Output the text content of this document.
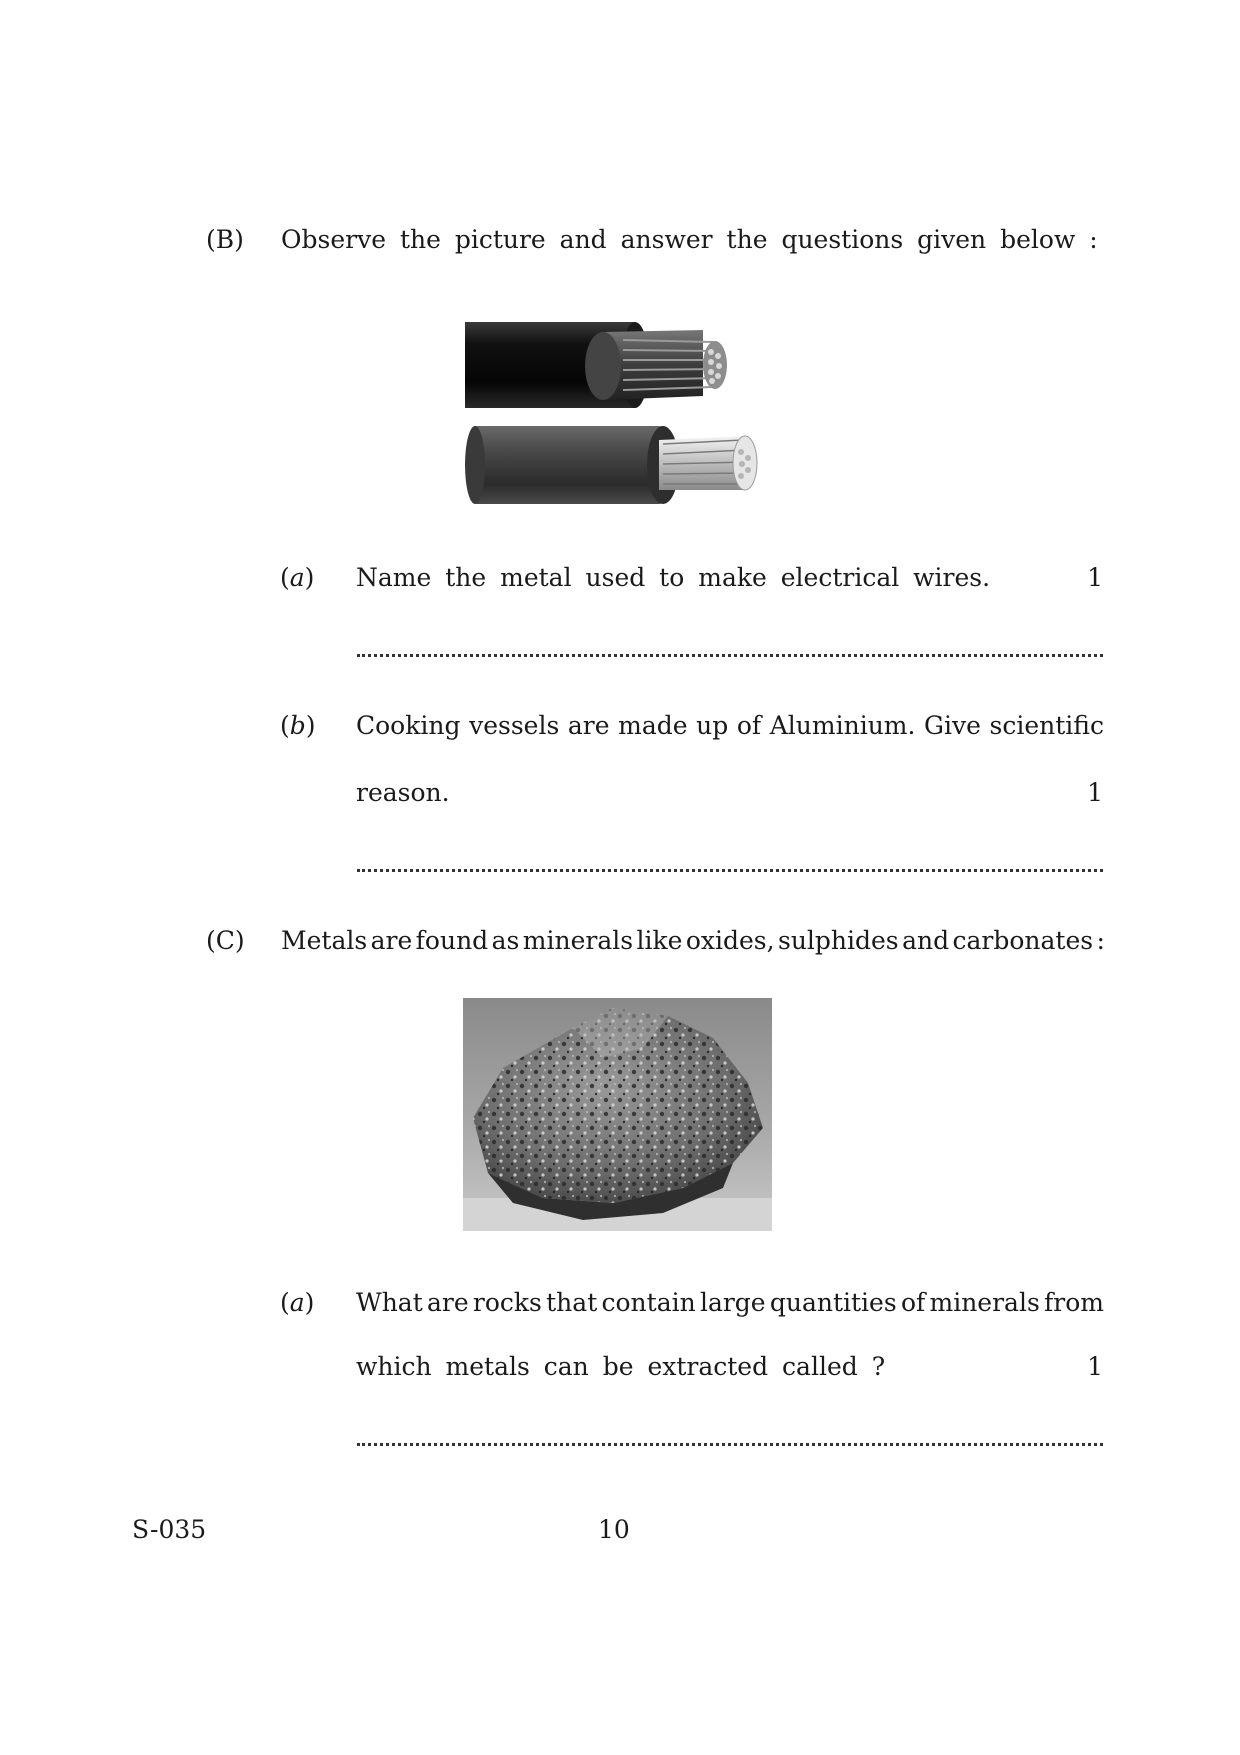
(B) Observe the picture and answer the questions given below :
(a) Name the metal used to make electrical wires.	1
(b) Cooking vessels are made up of Aluminium. Give scientific
reason.	1
(C) Metals are found as minerals like oxides, sulphides and carbonates :
(a) What are rocks that contain large quantities of minerals from
which metals can be extracted called ?	1
S-035	10
